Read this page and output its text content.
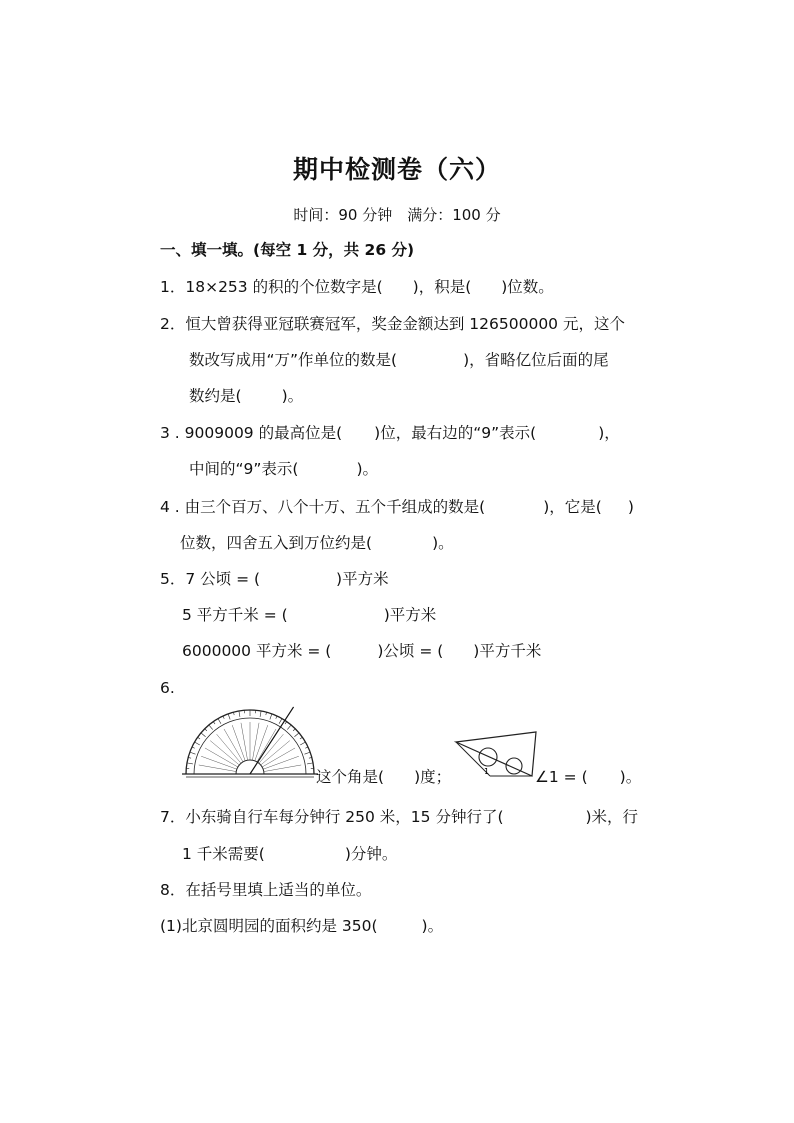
期中检测卷（六）
时间：90 分钟　满分：100 分
一、填一填。(每空 1 分，共 26 分)
1．18×253 的积的个位数字是( )，积是( )位数。
2．恒大曾获得亚冠联赛冠军，奖金金额达到 126500000 元，这个
数改写成用“万”作单位的数是(	)，省略亿位后面的尾
数约是(	)。
3 . 9009009 的最高位是( )位，最右边的“9”表示(	)，
中间的“9”表示(	)。
4 . 由三个百万、八个十万、五个千组成的数是(	)，它是( )
位数，四舍五入到万位约是(	)。
5．7 公顷 = (	)平方米
5 平方千米 = (	)平方米
6000000 平方米 = (	)公顷 = ( )平方千米
6.
这个角是( )度；	1	∠1 = ( )。
7．小东骑自行车每分钟行 250 米，15 分钟行了(	)米，行
1 千米需要(	)分钟。
8．在括号里填上适当的单位。
(1)北京圆明园的面积约是 350(	)。
